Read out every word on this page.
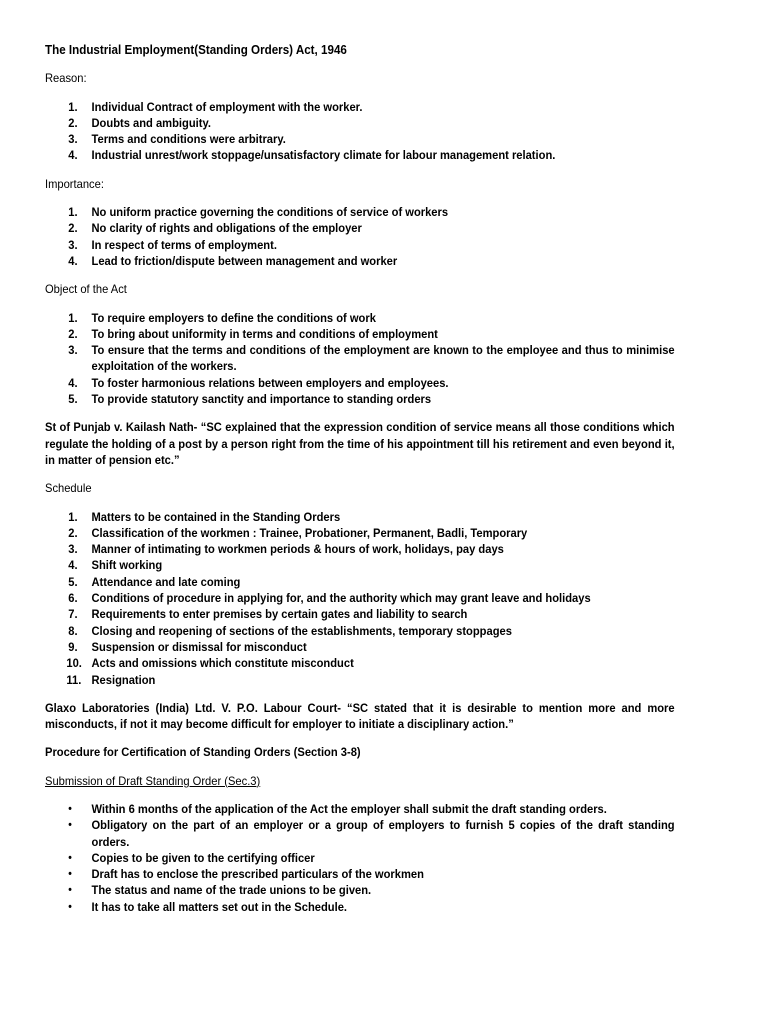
The Industrial Employment(Standing Orders) Act, 1946
Reason:
1.	Individual Contract of employment with the worker.
2.	Doubts and ambiguity.
3.	Terms and conditions were arbitrary.
4.	Industrial unrest/work stoppage/unsatisfactory climate for labour management relation.
Importance:
1.	No uniform practice governing the conditions of service of workers
2.	No clarity of rights and obligations of the employer
3.	In respect of terms of employment.
4.	Lead to friction/dispute between management and worker
Object of the Act
1.	To require employers to define the conditions of work
2.	To bring about uniformity in terms and conditions of employment
3.	To ensure that the terms and conditions of the employment are known to the employee and thus to minimise exploitation of the workers.
4.	To foster harmonious relations between employers and employees.
5.	To provide statutory sanctity and importance to standing orders
St of Punjab v. Kailash Nath- “SC explained that the expression condition of service means all those conditions which regulate the holding of a post by a person right from the time of his appointment till his retirement and even beyond it, in matter of pension etc.”
Schedule
1.	Matters to be contained in the Standing Orders
2.	Classification of the workmen : Trainee, Probationer, Permanent, Badli, Temporary
3.	Manner of intimating to workmen periods & hours of work, holidays, pay days
4.	Shift working
5.	Attendance and late coming
6.	Conditions of procedure in applying for, and the authority which may grant leave and holidays
7.	Requirements to enter premises by certain gates and liability to search
8.	Closing and reopening of sections of the establishments, temporary stoppages
9.	Suspension or dismissal for misconduct
10. Acts and omissions which constitute misconduct
11. Resignation
Glaxo Laboratories (India) Ltd. V. P.O. Labour Court- “SC stated that it is desirable to mention more and more misconducts, if not it may become difficult for employer to initiate a disciplinary action.”
Procedure for Certification of Standing Orders (Section 3-8)
Submission of Draft Standing Order (Sec.3)
•	Within 6 months of the application of the Act the employer shall submit the draft standing orders.
•	Obligatory on the part of an employer or a group of employers to furnish 5 copies of the draft standing orders.
•	Copies to be given to the certifying officer
•	Draft has to enclose the prescribed particulars of the workmen
•	The status and name of the trade unions to be given.
•	It has to take all matters set out in the Schedule.
